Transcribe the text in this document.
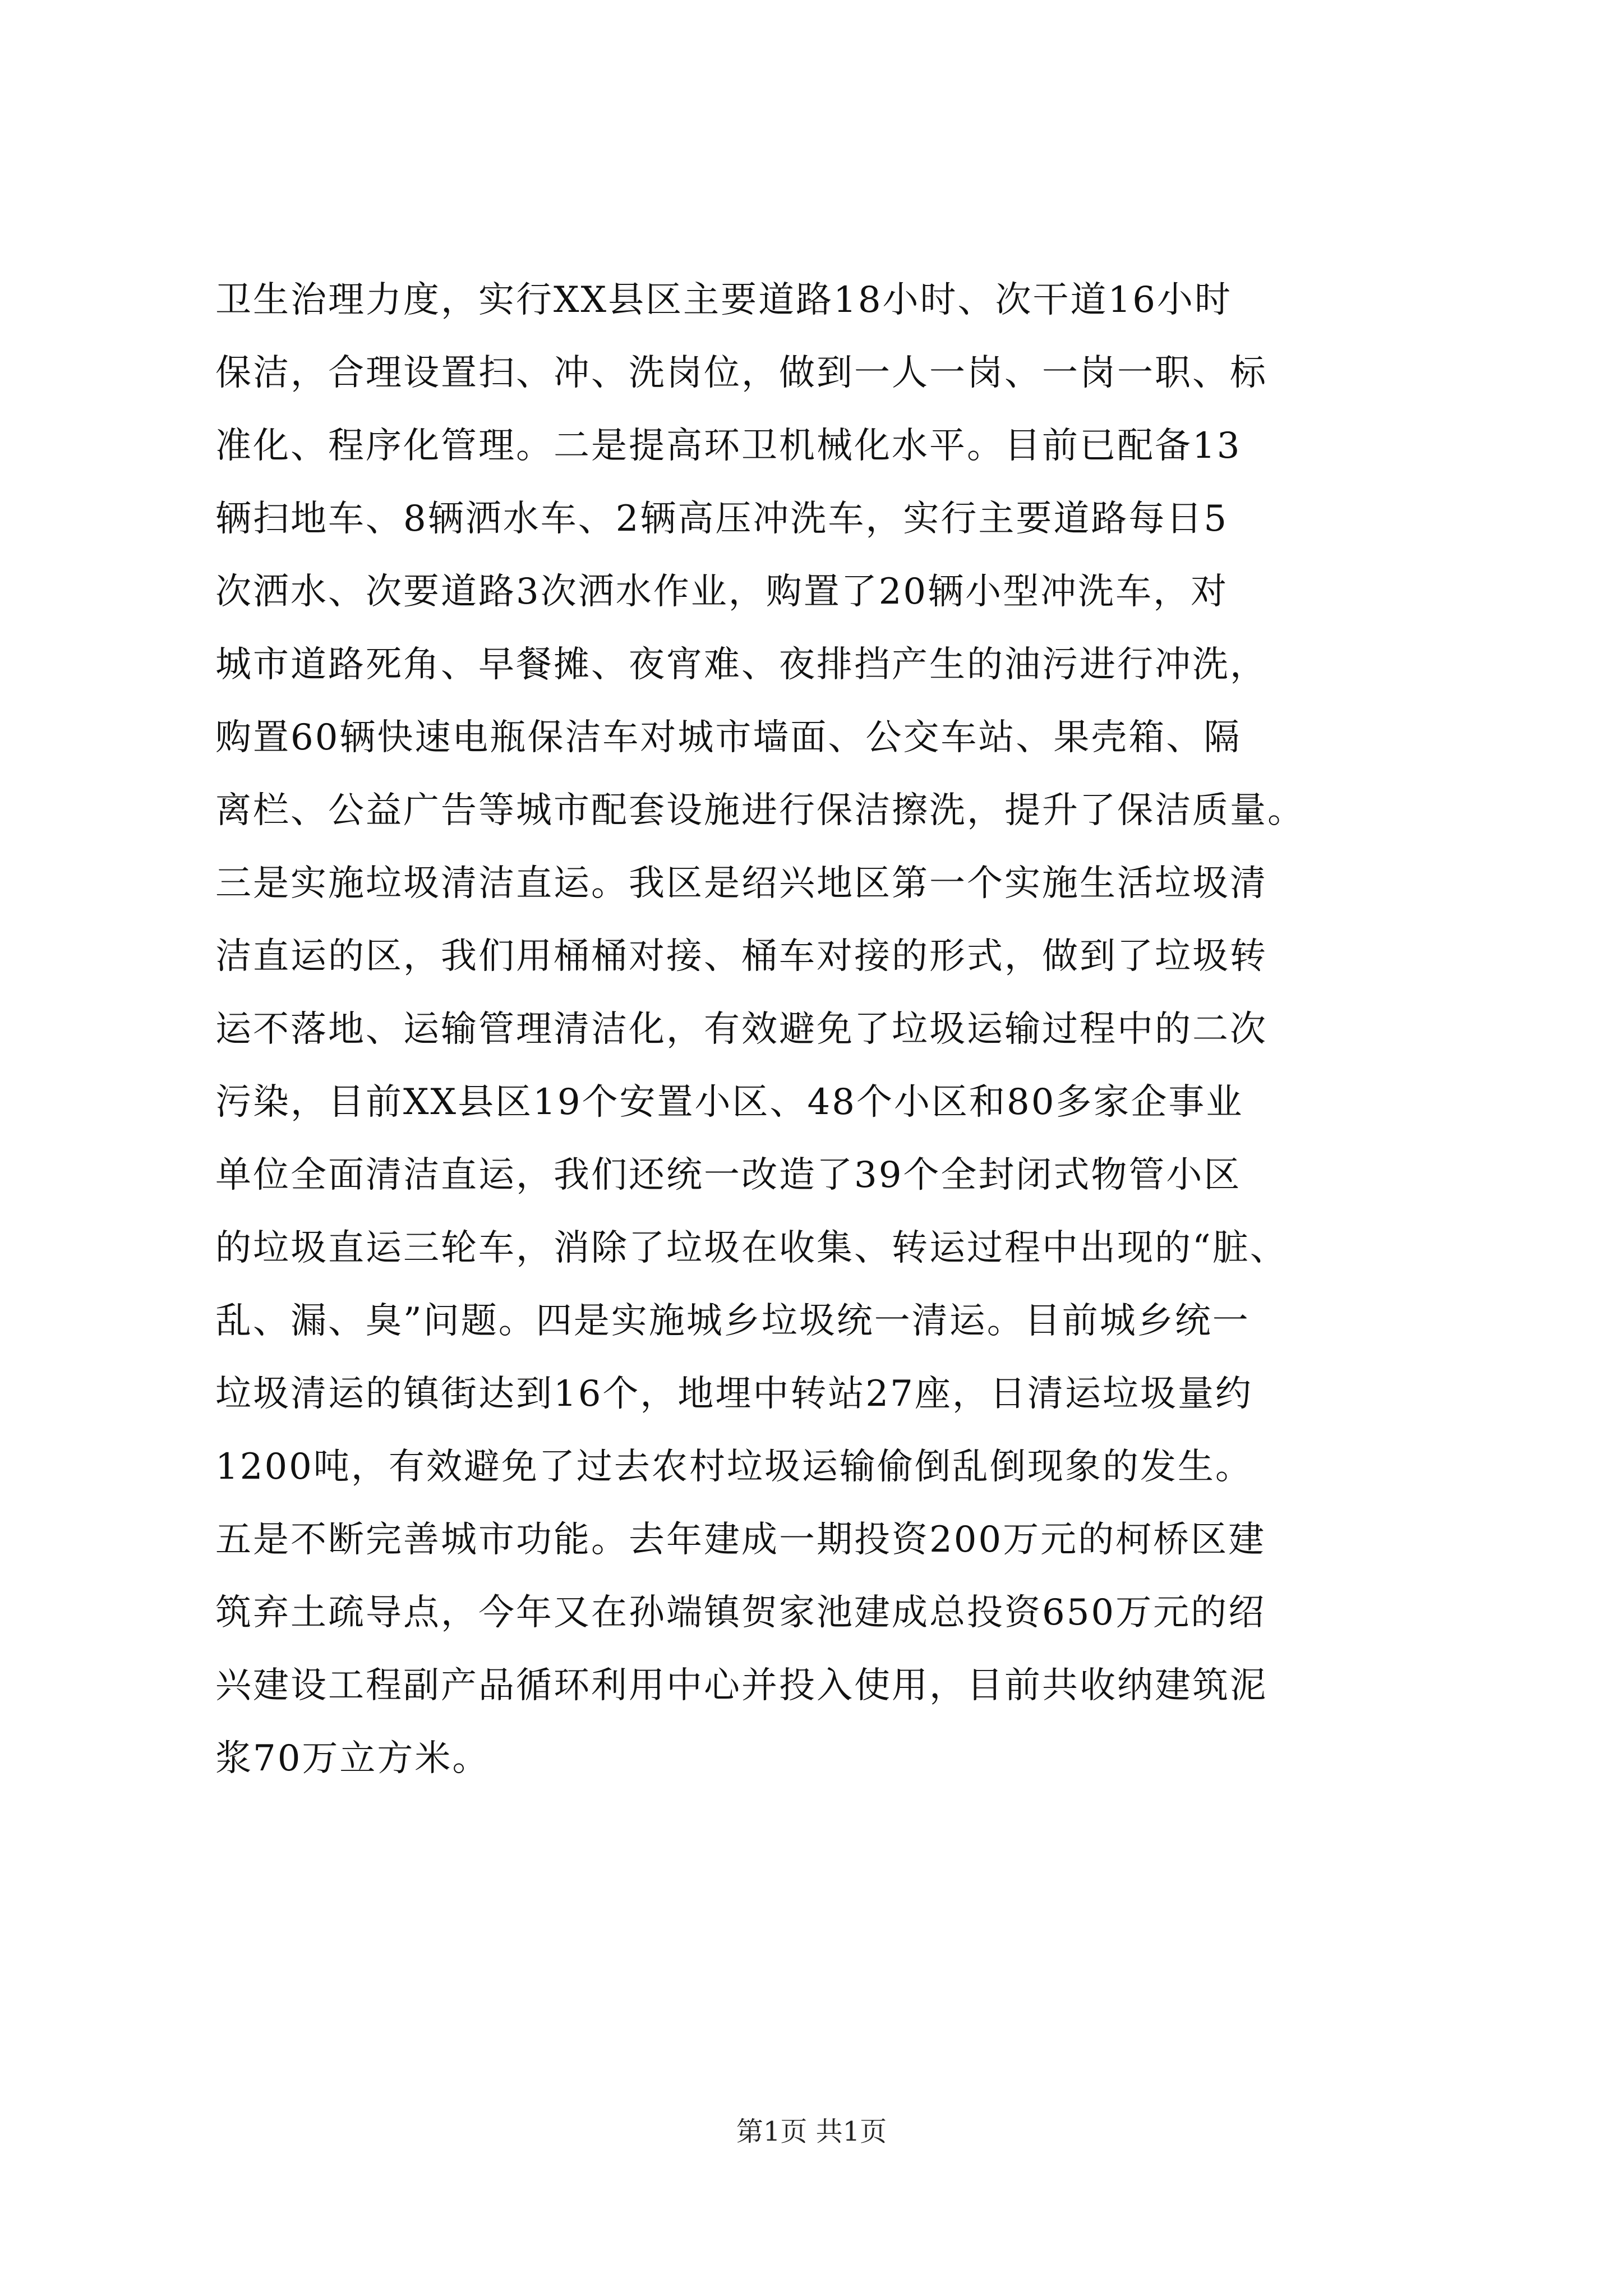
卫生治理力度，实行XX县区主要道路18小时、次干道16小时
保洁，合理设置扫、冲、洗岗位，做到一人一岗、一岗一职、标
准化、程序化管理。二是提高环卫机械化水平。目前已配备13
辆扫地车、8辆洒水车、2辆高压冲洗车，实行主要道路每日5
次洒水、次要道路3次洒水作业，购置了20辆小型冲洗车，对
城市道路死角、早餐摊、夜宵难、夜排挡产生的油污进行冲洗，
购置60辆快速电瓶保洁车对城市墙面、公交车站、果壳箱、隔
离栏、公益广告等城市配套设施进行保洁擦洗，提升了保洁质量。
三是实施垃圾清洁直运。我区是绍兴地区第一个实施生活垃圾清
洁直运的区，我们用桶桶对接、桶车对接的形式，做到了垃圾转
运不落地、运输管理清洁化，有效避免了垃圾运输过程中的二次
污染，目前XX县区19个安置小区、48个小区和80多家企事业
单位全面清洁直运，我们还统一改造了39个全封闭式物管小区
的垃圾直运三轮车，消除了垃圾在收集、转运过程中出现的“脏、
乱、漏、臭”问题。四是实施城乡垃圾统一清运。目前城乡统一
垃圾清运的镇街达到16个，地埋中转站27座，日清运垃圾量约
1200吨，有效避免了过去农村垃圾运输偷倒乱倒现象的发生。
五是不断完善城市功能。去年建成一期投资200万元的柯桥区建
筑弃土疏导点，今年又在孙端镇贺家池建成总投资650万元的绍
兴建设工程副产品循环利用中心并投入使用，目前共收纳建筑泥
浆70万立方米。
第1页 共1页
